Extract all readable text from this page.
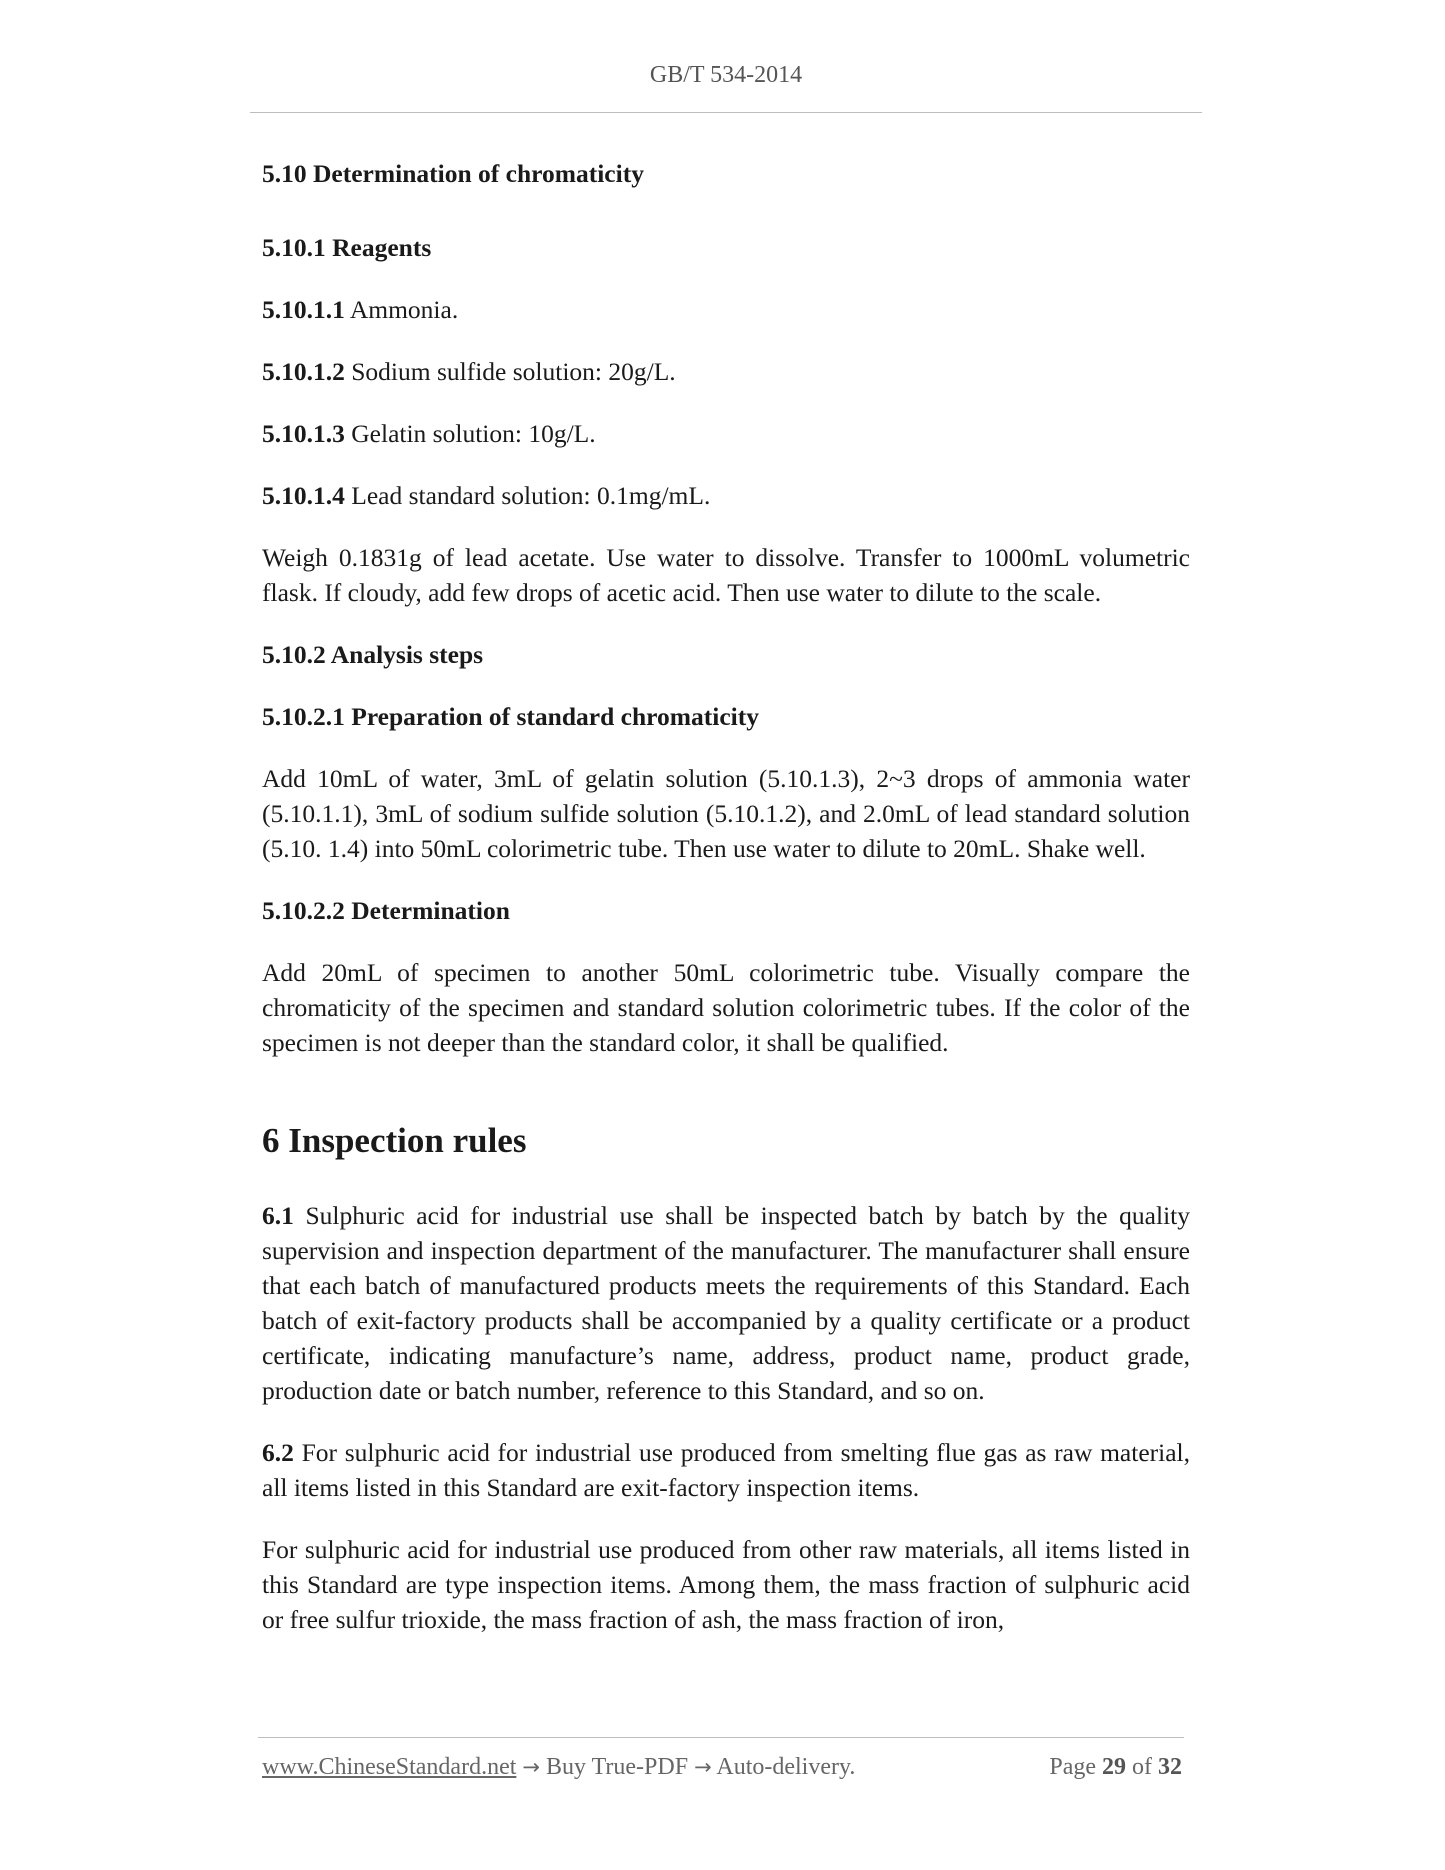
GB/T 534-2014
5.10 Determination of chromaticity
5.10.1 Reagents
5.10.1.1 Ammonia.
5.10.1.2 Sodium sulfide solution: 20g/L.
5.10.1.3 Gelatin solution: 10g/L.
5.10.1.4 Lead standard solution: 0.1mg/mL.
Weigh 0.1831g of lead acetate. Use water to dissolve. Transfer to 1000mL volumetric flask. If cloudy, add few drops of acetic acid. Then use water to dilute to the scale.
5.10.2 Analysis steps
5.10.2.1 Preparation of standard chromaticity
Add 10mL of water, 3mL of gelatin solution (5.10.1.3), 2~3 drops of ammonia water (5.10.1.1), 3mL of sodium sulfide solution (5.10.1.2), and 2.0mL of lead standard solution (5.10. 1.4) into 50mL colorimetric tube. Then use water to dilute to 20mL. Shake well.
5.10.2.2 Determination
Add 20mL of specimen to another 50mL colorimetric tube. Visually compare the chromaticity of the specimen and standard solution colorimetric tubes. If the color of the specimen is not deeper than the standard color, it shall be qualified.
6 Inspection rules
6.1 Sulphuric acid for industrial use shall be inspected batch by batch by the quality supervision and inspection department of the manufacturer. The manufacturer shall ensure that each batch of manufactured products meets the requirements of this Standard. Each batch of exit-factory products shall be accompanied by a quality certificate or a product certificate, indicating manufacture’s name, address, product name, product grade, production date or batch number, reference to this Standard, and so on.
6.2 For sulphuric acid for industrial use produced from smelting flue gas as raw material, all items listed in this Standard are exit-factory inspection items.
For sulphuric acid for industrial use produced from other raw materials, all items listed in this Standard are type inspection items. Among them, the mass fraction of sulphuric acid or free sulfur trioxide, the mass fraction of ash, the mass fraction of iron,
www.ChineseStandard.net → Buy True-PDF → Auto-delivery.	Page 29 of 32
